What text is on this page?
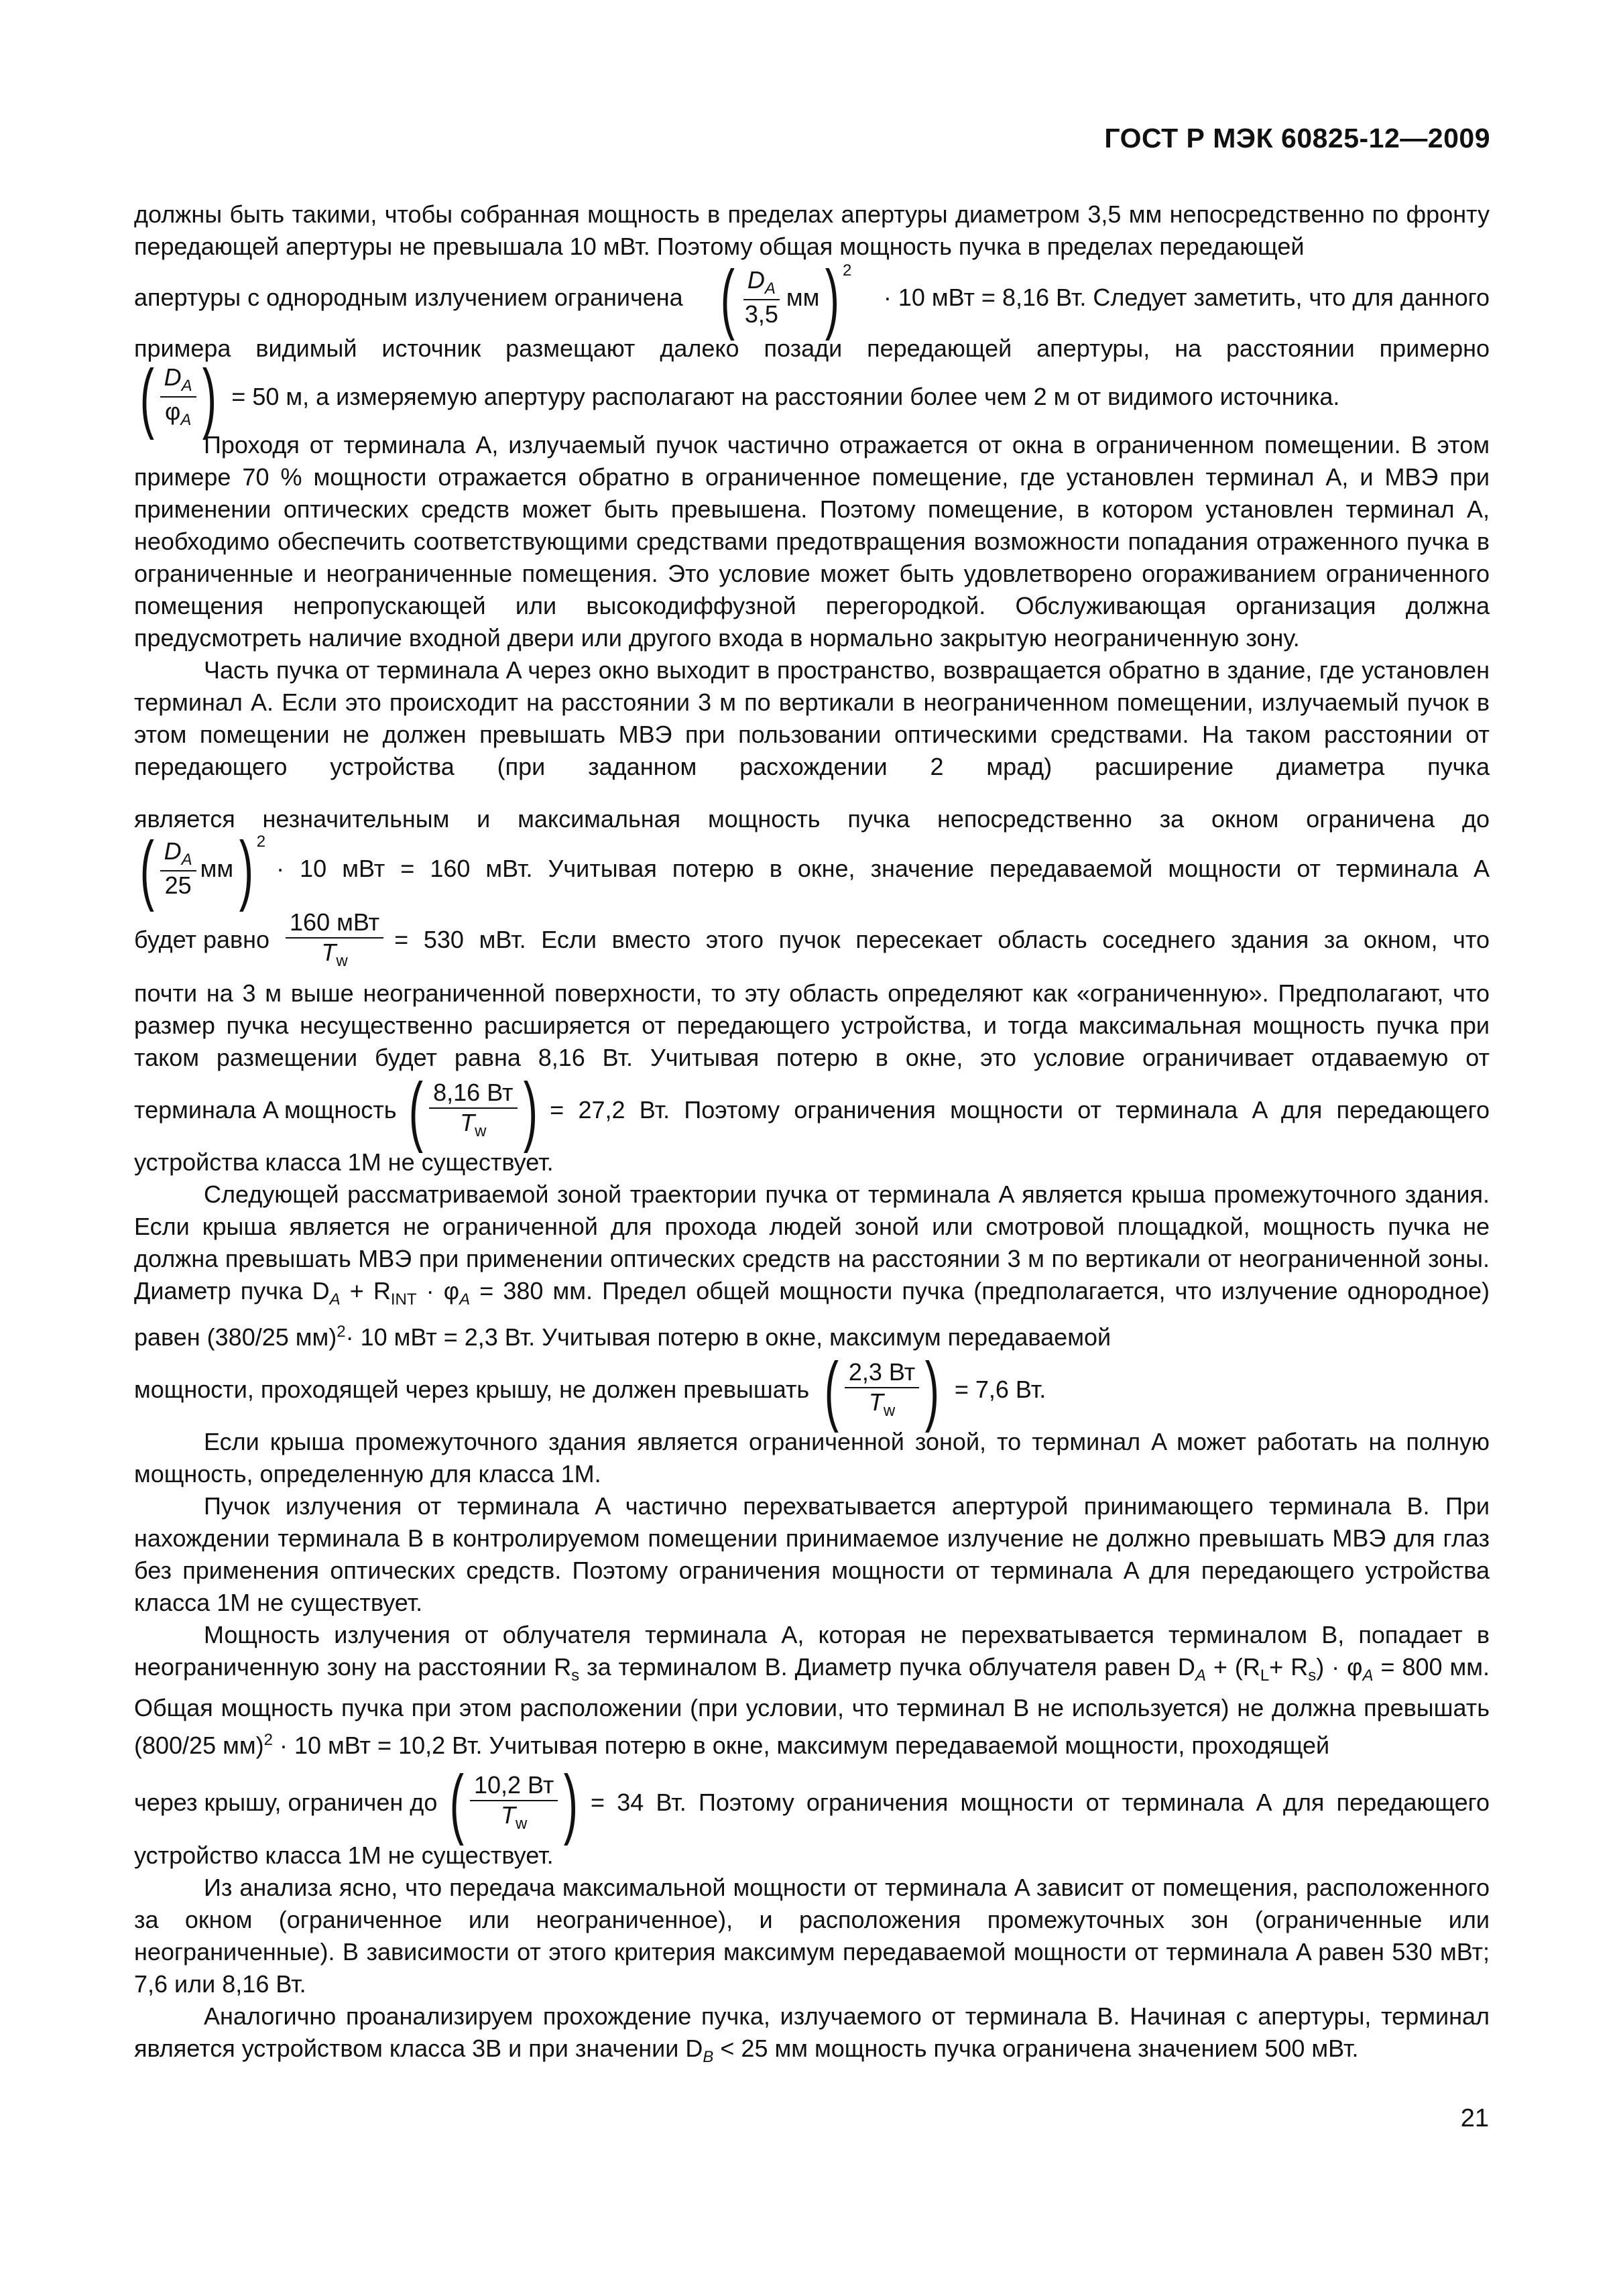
ГОСТ Р МЭК 60825-12—2009

должны быть такими, чтобы собранная мощность в пределах апертуры диаметром 3,5 мм непосредственно по фронту передающей апертуры не превышала 10 мВт. Поэтому общая мощность пучка в пределах передающей

апертуры с однородным излучением ограничена ( $\frac{D_A}{3,5}$ мм )$^2$
· 10 мВт = 8,16 Вт. Следует заметить, что для данного

примера видимый источник размещают далеко позади передающей апертуры, на расстоянии примерно

( $\frac{D_A}{\varphi_A}$ ) = 50 м, а измеряемую апертуру располагают на расстоянии более чем 2 м от видимого источника.

Проходя от терминала A, излучаемый пучок частично отражается от окна в ограниченном помещении. В этом примере 70 % мощности отражается обратно в ограниченное помещение, где установлен терминал A, и МВЭ при применении оптических средств может быть превышена. Поэтому помещение, в котором установлен терминал A, необходимо обеспечить соответствующими средствами предотвращения возможности попадания отраженного пучка в ограниченные и неограниченные помещения. Это условие может быть удовлетворено огораживанием ограниченного помещения непропускающей или высокодиффузной перегородкой. Обслуживающая организация должна предусмотреть наличие входной двери или другого входа в нормально закрытую неограниченную зону.

Часть пучка от терминала A через окно выходит в пространство, возвращается обратно в здание, где установлен терминал A. Если это происходит на расстоянии 3 м по вертикали в неограниченном помещении, излучаемый пучок в этом помещении не должен превышать МВЭ при пользовании оптическими средствами. На таком расстоянии от передающего устройства (при заданном расхождении 2 мрад) расширение диаметра пучка

является незначительным и максимальная мощность пучка непосредственно за окном ограничена до

( $\frac{D_A}{25}$ мм )$^2$
· 10 мВт = 160 мВт. Учитывая потерю в окне, значение передаваемой мощности от терминала A
будет равно $\frac{\text{160 мВт}}{T_w} = 530$ мВт. Если вместо этого пучок пересекает область соседнего здания за окном, что

почти на 3 м выше неограниченной поверхности, то эту область определяют как «ограниченную». Предполагают, что размер пучка несущественно расширяется от передающего устройства, и тогда максимальная мощность пучка при таком размещении будет равна 8,16 Вт. Учитывая потерю в окне, это условие ограничивает отдаваемую от

терминала A мощность ( $\frac{8,16 Вт}{T_w}$ ) = 27,2 Вт. Поэтому ограничения мощности от терминала A для передающего

устройства класса 1М не существует.

Следующей рассматриваемой зоной траектории пучка от терминала A является крыша промежуточного здания. Если крыша является не ограниченной для прохода людей зоной или смотровой площадкой, мощность пучка не должна превышать МВЭ при применении оптических средств на расстоянии 3 м по вертикали от неограниченной зоны. Диаметр пучка $D_A + R_{INT} \cdot \varphi_A = 380$ мм. Предел общей мощности пучка (предполагается, что излучение однородное) равен (380/25 мм)$^2$· 10 мВт = 2,3 Вт. Учитывая потерю в окне, максимум передаваемой

мощности, проходящей через крышу, не должен превышать ( $\frac{2,3 Вт}{T_w}$ ) = 7,6 Вт.

Если крыша промежуточного здания является ограниченной зоной, то терминал A может работать на полную мощность, определенную для класса 1М.

Пучок излучения от терминала A частично перехватывается апертурой принимающего терминала B. При нахождении терминала B в контролируемом помещении принимаемое излучение не должно превышать МВЭ для глаз без применения оптических средств. Поэтому ограничения мощности от терминала A для передающего устройства класса 1М не существует.

Мощность излучения от облучателя терминала A, которая не перехватывается терминалом B, попадает в неограниченную зону на расстоянии $R_s$ за терминалом B. Диаметр пучка облучателя равен $D_A + (R_L+ R_s) \cdot \varphi_A = 800$ мм. Общая мощность пучка при этом расположении (при условии, что терминал В не используется) не должна превышать (800/25 мм)$^2$ · 10 мВт = 10,2 Вт. Учитывая потерю в окне, максимум передаваемой мощности, проходящей

через крышу, ограничен до ( $\frac{10,2 Вт}{T_w}$ ) = 34 Вт. Поэтому ограничения мощности от терминала A для передающего

устройство класса 1М не существует.

Из анализа ясно, что передача максимальной мощности от терминала A зависит от помещения, расположенного за окном (ограниченное или неограниченное), и расположения промежуточных зон (ограниченные или неограниченные). В зависимости от этого критерия максимум передаваемой мощности от терминала A равен 530 мВт; 7,6 или 8,16 Вт.

Аналогично проанализируем прохождение пучка, излучаемого от терминала B. Начиная с апертуры, терминал является устройством класса 3В и при значении $D_B < 25$ мм мощность пучка ограничена значением 500 мВт.

21
